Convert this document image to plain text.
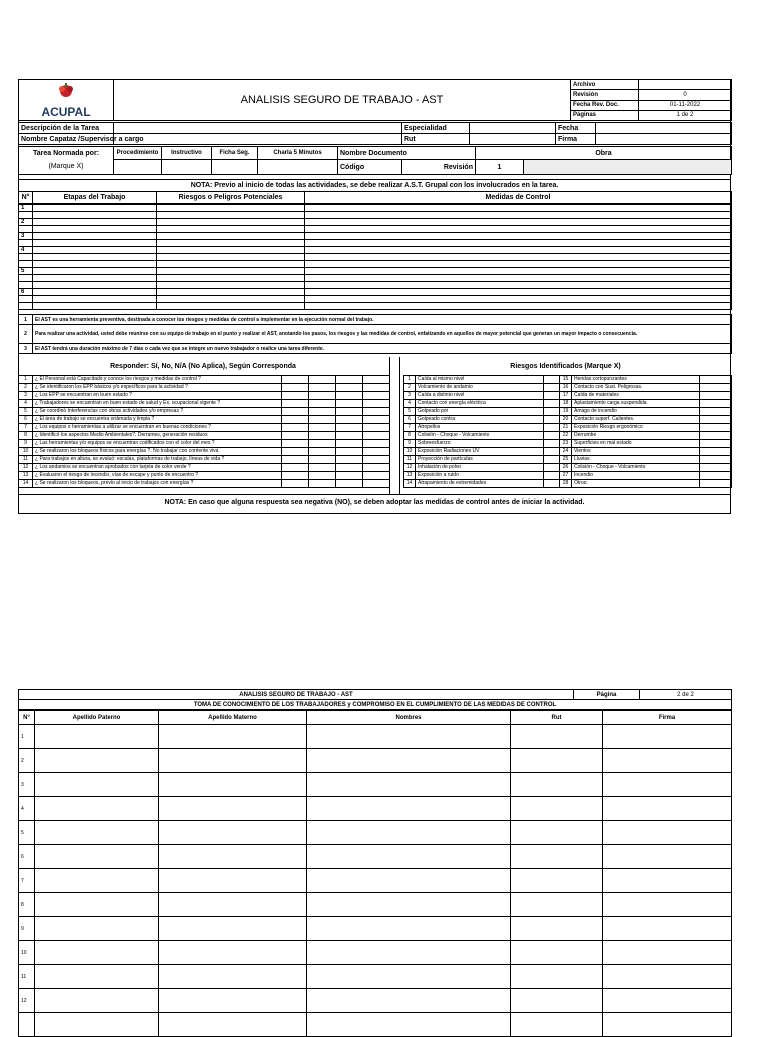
ACUPAL	ANALISIS SEGURO DE TRABAJO - AST	Archivo	
		Revisión	0
		Fecha Rev. Doc.	01-11-2022
		Páginas	1 de 2
Descripción de la Tarea		Especialidad		Fecha	
Nombre Capataz /Supervisor a cargo		Rut		Firma	
Tarea Normada por:	Procedimiento	Instructivo	Ficha Seg.	Charla 5 Minutos	Nombre Documento		Obra	
(Marque X)					Código	Revisión	1	
NOTA: Previo al inicio de todas las actividades, se debe realizar A.S.T. Grupal con los involucrados en la tarea.
N°	Etapas del Trabajo	Riesgos o Peligros Potenciales	Medidas de Control
1			

2			

3			

4			

5			

6			

1	El AST es una herramienta preventiva, destinada a conocer los riesgos y medidas de control a implementar en la ejecución normal del trabajo.
2	Para realizar una actividad, usted debe reunirse con su equipo de trabajo en el punto y realizar el AST, anotando los pasos, los riesgos y las medidas de control, enfatizando en aquellos de mayor potencial que generan un mayor impacto o consecuencia.
3	El AST tendrá una duración máximo de 7 días o cada vez que se integre un nuevo trabajador o realice una tarea diferente.
Responder: Sí, No, N/A (No Aplica), Según Corresponda	Riesgos Identificados (Marque X)
1	¿ El Personal está Capacitado y conoce los riesgos y medidas de control ?				
2	¿ Se identificaron los EPP básicos y/o específicos para la actividad ?				
3	¿ Los EPP se encuentran en buen estado ?				
4	¿ Trabajadores se encuentran en buen estado de salud y Ex. ocupacional vigente ?				
5	¿ Se coordinó Interferencias con obras actividades y/o empresas ?				
6	¿ El área de trabajo se encuentra ordenada y limpia ?				
7	¿ Los equipos o herramientas a utilizar se encuentran en buenas condiciones ?				
8	¿ Identificó los aspectos Medio Ambientales?, Derrames, generación residuos				
9	¿ Las herramientas y/o equipos se encuentran codificados con el color del mes ?				
10	¿ Se realizaron los bloqueos físicos para energías ?. No trabajar con corriente viva				
11	¿ Para trabajos en altura, se evaluó: escalas, plataformas de trabajo, líneas de vida ?				
12	¿ Los andamios se encuentran aprobados con tarjeta de color verde ?				
13	¿ Evaluaron el riesgo de incendio, vías de escape y punto de encuentro ?				
14	¿ Se realizaron los bloqueos, previo al inicio de trabajos con energías ?				
1	Caída al mismo nivel		15	Heridas cortopunzantes	
2	Volcamiento de andamio		16	Contacto con Sust. Peligrosas.	
3	Caída a distinto nivel		17	Caída de materiales	
4	Contacto con energía eléctrica		18	Aplastamiento carga suspendida	
5	Golpeado por		19	Amago de incendio	
6	Golpeado contra		20	Contacto superf. Calientes.	
7	Atropellos		21	Exposición Riesgo ergonómico	
8	Colisión - Choque - Volcamiento		22	Derrumbe	
9	Sobreesfuerzo		23	Superficies en mal estado	
10	Exposición Radiaciones UV		24	Vientos	
11	Proyección de partículas		25	Lluvias	
12	Inhalación de polvo		26	Colisión - Choque - Volcamiento	
13	Exposición a ruido		27	Incendio	
14	Atrapamiento de extremidades		28	Otros:	
NOTA: En caso que alguna respuesta sea negativa (NO), se deben adoptar las medidas de control antes de iniciar la actividad.
ANALISIS SEGURO DE TRABAJO - AST	Página	2 de 2
TOMA DE CONOCIMIENTO DE LOS TRABAJADORES y COMPROMISO EN EL CUMPLIMIENTO DE LAS MEDIDAS DE CONTROL
N°	Apellido Paterno	Apellido Materno	Nombres	Rut	Firma
1					
2					
3					
4					
5					
6					
7					
8					
9					
10					
11					
12					
